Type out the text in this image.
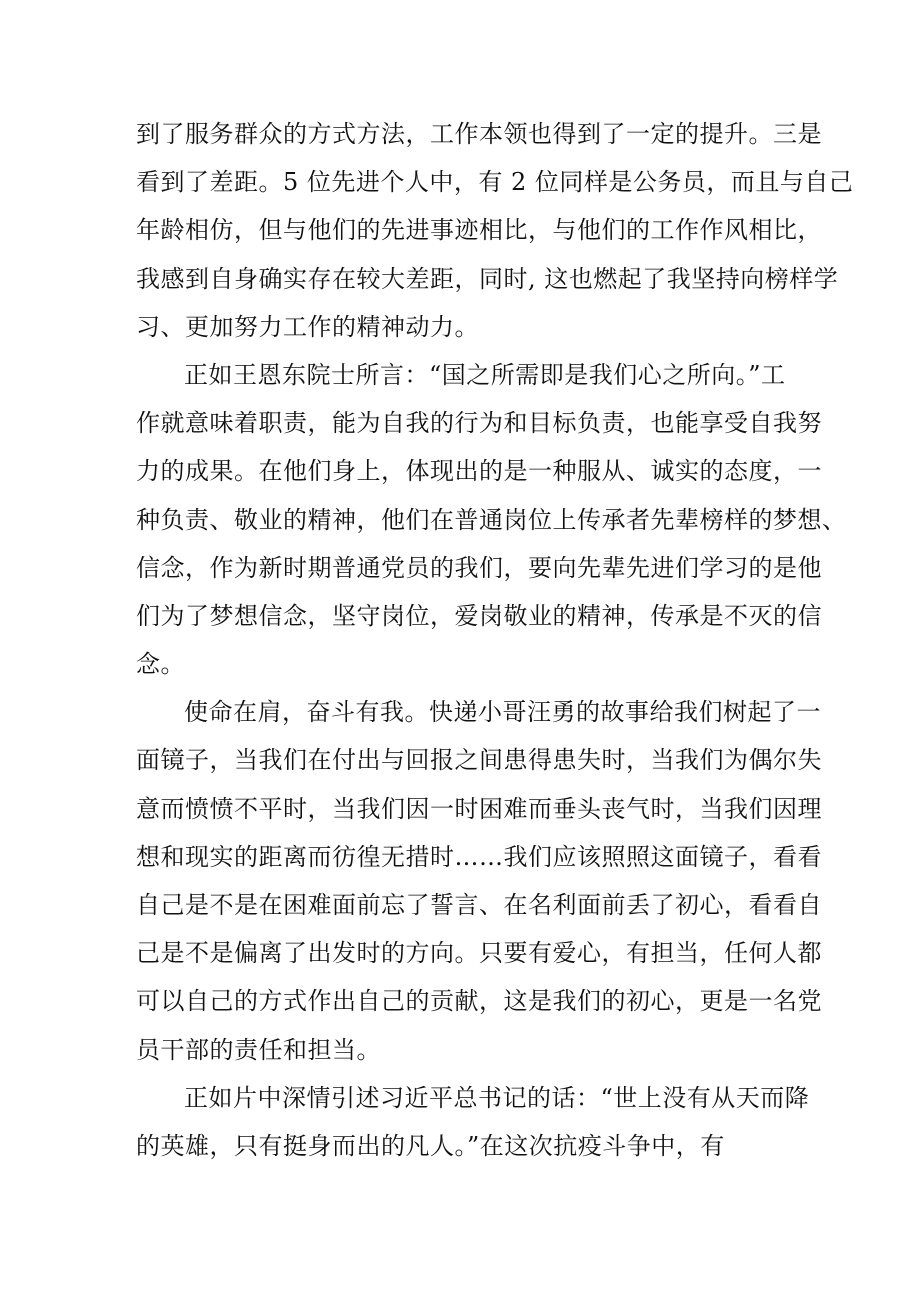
到了服务群众的方式方法，工作本领也得到了一定的提升。三是
看到了差距。5 位先进个人中，有 2 位同样是公务员，而且与自己
年龄相仿，但与他们的先进事迹相比，与他们的工作作风相比，
我感到自身确实存在较大差距，同时, 这也燃起了我坚持向榜样学
习、更加努力工作的精神动力。
正如王恩东院士所言：“国之所需即是我们心之所向。”工
作就意味着职责，能为自我的行为和目标负责，也能享受自我努
力的成果。在他们身上，体现出的是一种服从、诚实的态度，一
种负责、敬业的精神，他们在普通岗位上传承者先辈榜样的梦想、
信念，作为新时期普通党员的我们，要向先辈先进们学习的是他
们为了梦想信念，坚守岗位，爱岗敬业的精神，传承是不灭的信
念。
使命在肩，奋斗有我。快递小哥汪勇的故事给我们树起了一
面镜子，当我们在付出与回报之间患得患失时，当我们为偶尔失
意而愤愤不平时，当我们因一时困难而垂头丧气时，当我们因理
想和现实的距离而彷徨无措时……我们应该照照这面镜子，看看
自己是不是在困难面前忘了誓言、在名利面前丢了初心，看看自
己是不是偏离了出发时的方向。只要有爱心，有担当，任何人都
可以自己的方式作出自己的贡献，这是我们的初心，更是一名党
员干部的责任和担当。
正如片中深情引述习近平总书记的话：“世上没有从天而降
的英雄，只有挺身而出的凡人。”在这次抗疫斗争中，有
